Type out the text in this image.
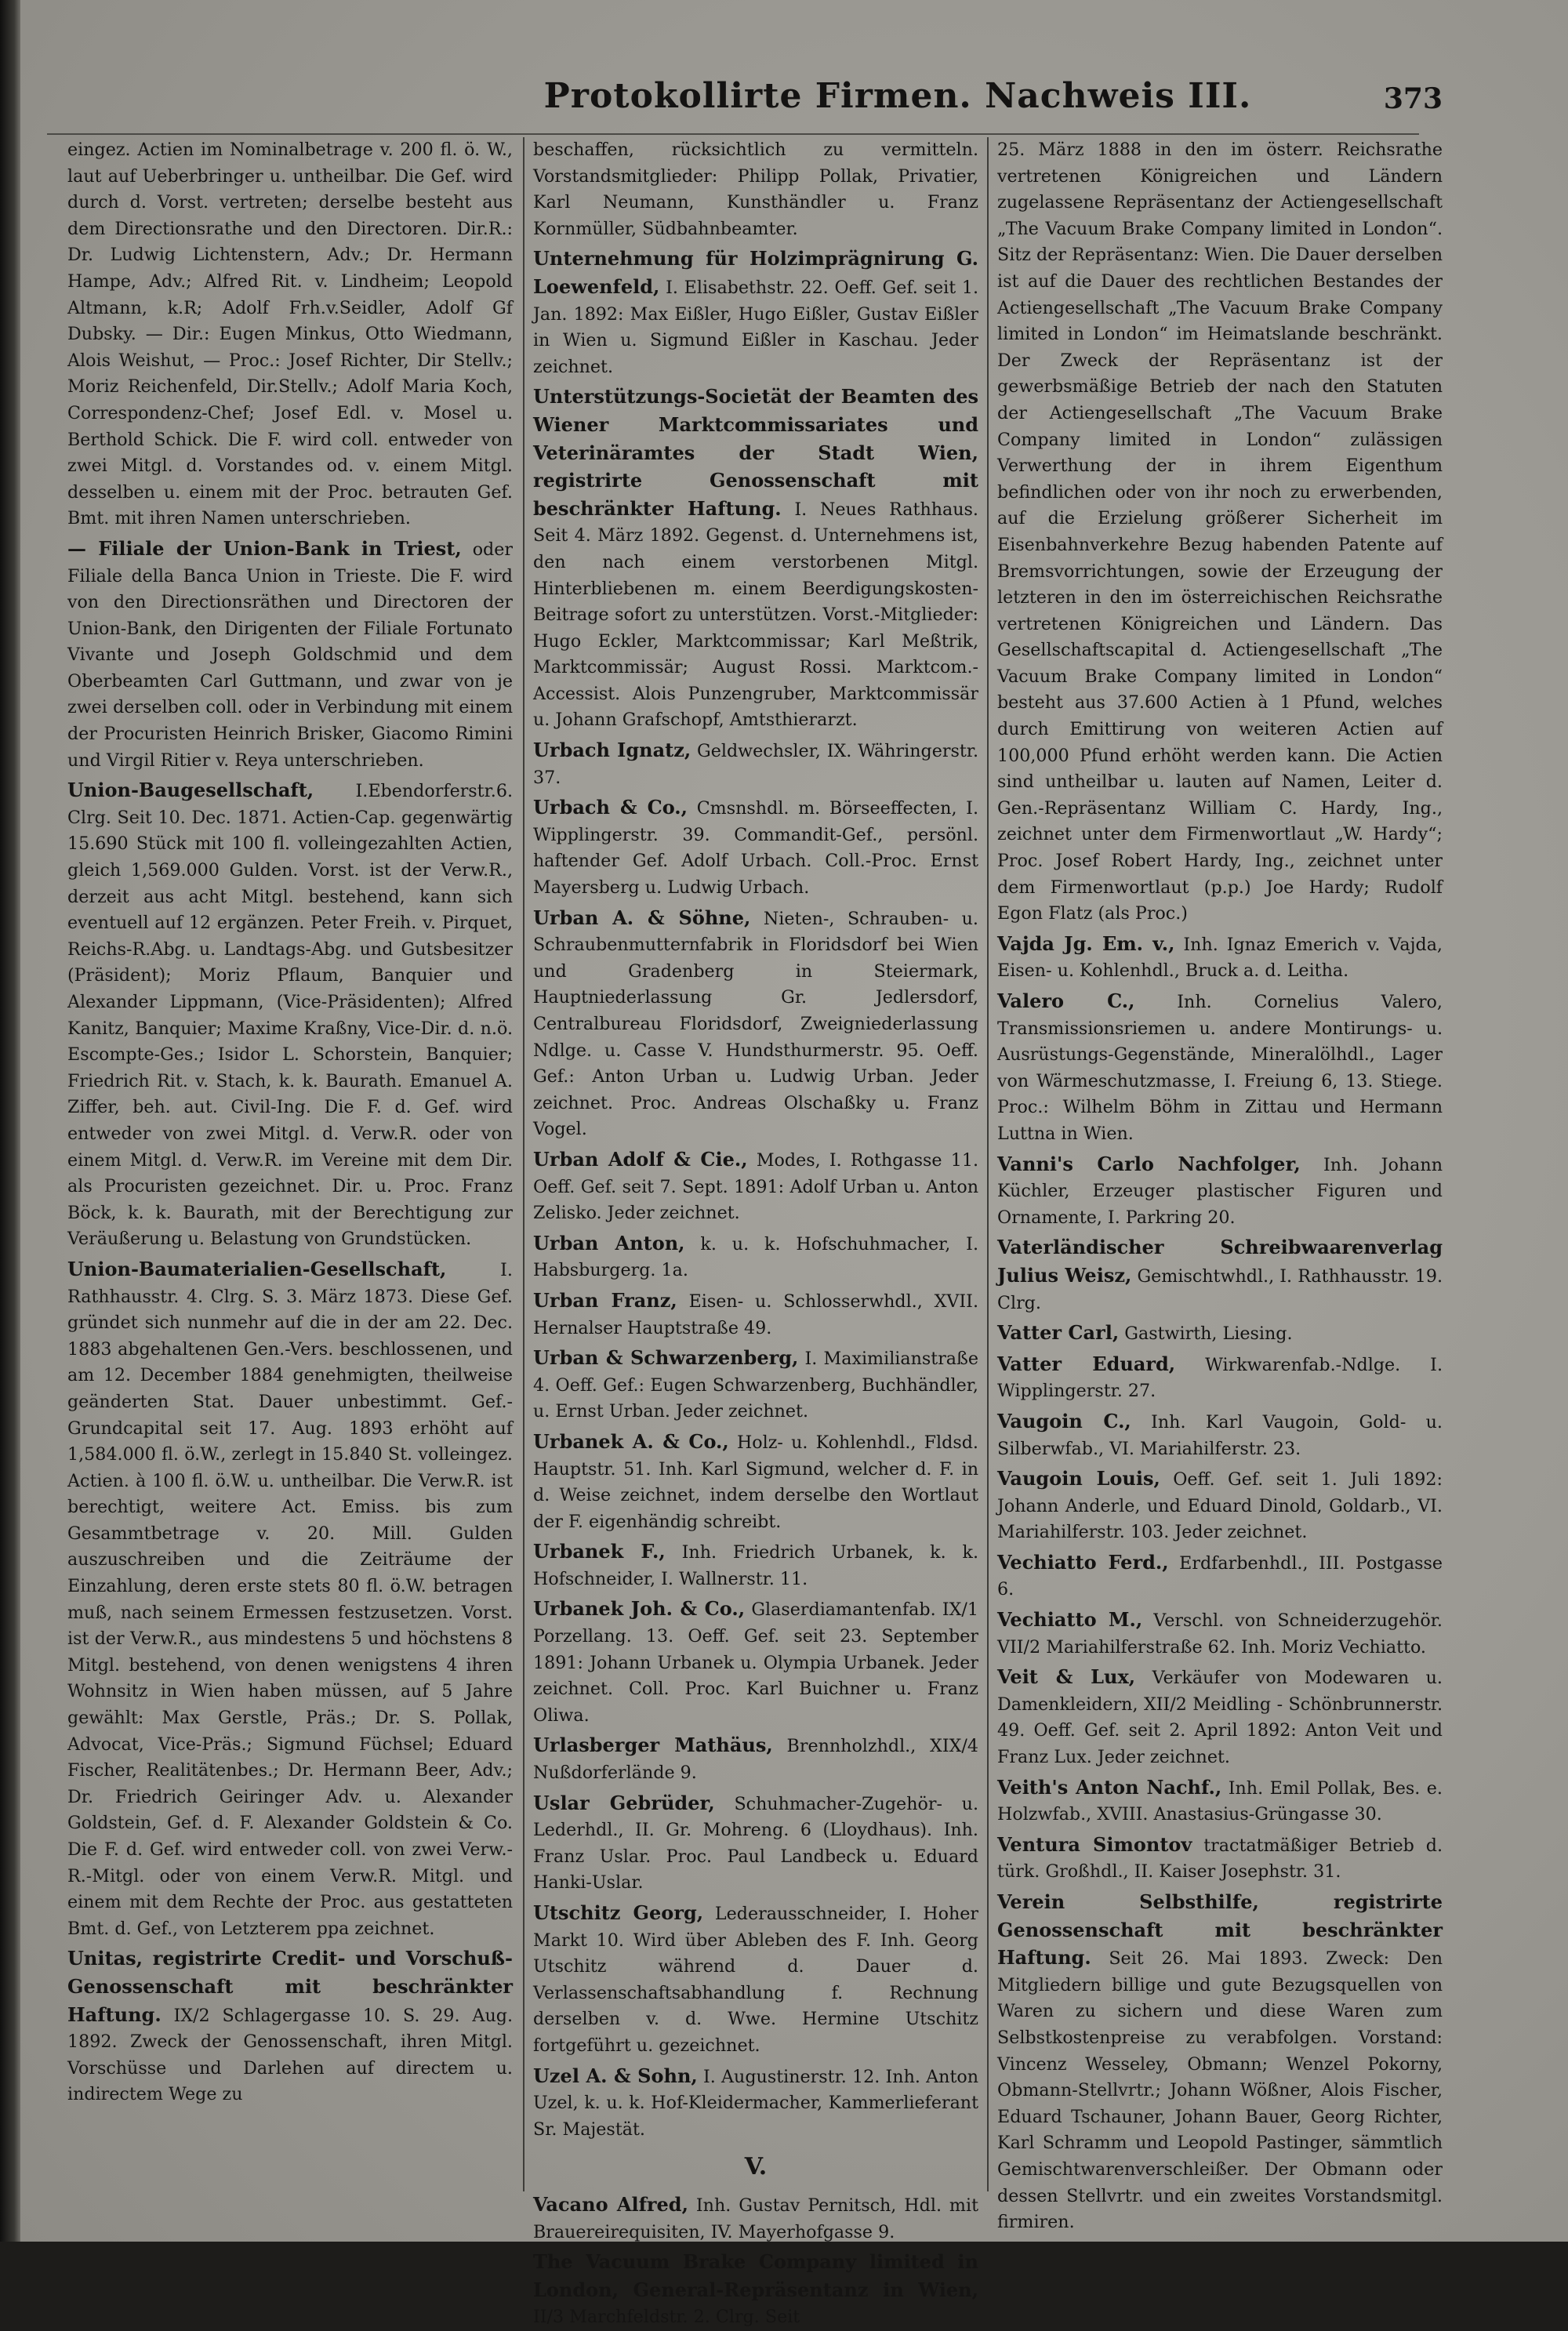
Protokollirte Firmen. Nachweis III.	373

eingez. Actien im Nominalbetrage v. 200 fl. ö. W., laut auf Ueberbringer u. untheilbar. Die Gef. wird durch d. Vorst. vertreten; derselbe besteht aus dem Directionsrathe und den Directoren. Dir.R.: Dr. Ludwig Lichtenstern, Adv.; Dr. Hermann Hampe, Adv.; Alfred Rit. v. Lindheim; Leopold Altmann, k.R; Adolf Frh.v.Seidler, Adolf Gf Dubsky. — Dir.: Eugen Minkus, Otto Wiedmann, Alois Weishut, — Proc.: Josef Richter, Dir Stellv.; Moriz Reichenfeld, Dir.Stellv.; Adolf Maria Koch, Correspondenz-Chef; Josef Edl. v. Mosel u. Berthold Schick. Die F. wird coll. entweder von zwei Mitgl. d. Vorstandes od. v. einem Mitgl. desselben u. einem mit der Proc. betrauten Gef. Bmt. mit ihren Namen unterschrieben.

— Filiale der Union-Bank in Triest, oder Filiale della Banca Union in Trieste. Die F. wird von den Directionsräthen und Directoren der Union-Bank, den Dirigenten der Filiale Fortunato Vivante und Joseph Goldschmid und dem Oberbeamten Carl Guttmann, und zwar von je zwei derselben coll. oder in Verbindung mit einem der Procuristen Heinrich Brisker, Giacomo Rimini und Virgil Ritier v. Reya unterschrieben.

Union-Baugesellschaft, I.Ebendorferstr.6. Clrg. Seit 10. Dec. 1871. Actien-Cap. gegenwärtig 15.690 Stück mit 100 fl. volleingezahlten Actien, gleich 1,569.000 Gulden. Vorst. ist der Verw.R., derzeit aus acht Mitgl. bestehend, kann sich eventuell auf 12 ergänzen. Peter Freih. v. Pirquet, Reichs-R.Abg. u. Landtags-Abg. und Gutsbesitzer (Präsident); Moriz Pflaum, Banquier und Alexander Lippmann, (Vice-Präsidenten); Alfred Kanitz, Banquier; Maxime Kraßny, Vice-Dir. d. n.ö. Escompte-Ges.; Isidor L. Schorstein, Banquier; Friedrich Rit. v. Stach, k. k. Baurath. Emanuel A. Ziffer, beh. aut. Civil-Ing. Die F. d. Gef. wird entweder von zwei Mitgl. d. Verw.R. oder von einem Mitgl. d. Verw.R. im Vereine mit dem Dir. als Procuristen gezeichnet. Dir. u. Proc. Franz Böck, k. k. Baurath, mit der Berechtigung zur Veräußerung u. Belastung von Grundstücken.

Union-Baumaterialien-Gesellschaft,	I. Rathhausstr. 4. Clrg. S. 3. März 1873. Diese Gef. gründet sich nunmehr auf die in der am 22. Dec. 1883 abgehaltenen Gen.-Vers. beschlossenen, und am 12. December 1884 genehmigten, theilweise geänderten Stat. Dauer unbestimmt. Gef.-Grundcapital seit 17. Aug. 1893 erhöht auf 1,584.000 fl. ö.W., zerlegt in 15.840 St. volleingez. Actien. à 100 fl. ö.W. u. untheilbar. Die Verw.R. ist berechtigt, weitere Act. Emiss. bis zum Gesammtbetrage v. 20. Mill. Gulden auszuschreiben und die Zeiträume der Einzahlung, deren erste stets 80 fl. ö.W. betragen muß, nach seinem Ermessen festzusetzen. Vorst. ist der Verw.R., aus mindestens 5 und höchstens 8 Mitgl. bestehend, von denen wenigstens 4 ihren Wohnsitz in Wien haben müssen, auf 5 Jahre gewählt: Max Gerstle, Präs.; Dr. S. Pollak, Advocat, Vice-Präs.; Sigmund Füchsel; Eduard Fischer, Realitätenbes.; Dr. Hermann Beer, Adv.; Dr. Friedrich Geiringer Adv. u. Alexander Goldstein, Gef. d. F. Alexander Goldstein & Co. Die F. d. Gef. wird entweder coll. von zwei Verw.-R.-Mitgl. oder von einem Verw.R. Mitgl. und einem mit dem Rechte der Proc. aus gestatteten Bmt. d. Gef., von Letzterem ppa zeichnet.

Unitas, registrirte Credit- und Vorschuß-Genossenschaft mit beschränkter Haftung. IX/2 Schlagergasse 10. S. 29. Aug. 1892. Zweck der Genossenschaft, ihren Mitgl. Vorschüsse und Darlehen auf directem u. indirectem Wege zu

beschaffen, rücksichtlich zu vermitteln. Vorstandsmitglieder: Philipp Pollak, Privatier, Karl Neumann, Kunsthändler u. Franz Kornmüller, Südbahnbeamter.

Unternehmung für Holzimprägnirung G. Loewenfeld, I. Elisabethstr. 22. Oeff. Gef. seit 1. Jan. 1892: Max Eißler, Hugo Eißler, Gustav Eißler in Wien u. Sigmund Eißler in Kaschau. Jeder zeichnet.

Unterstützungs-Societät der Beamten des Wiener Marktcommissariates und Veterinäramtes der Stadt Wien, registrirte Genossenschaft mit beschränkter Haftung. I. Neues Rathhaus. Seit 4. März 1892. Gegenst. d. Unternehmens ist, den nach einem verstorbenen Mitgl. Hinterbliebenen m. einem Beerdigungskosten-Beitrage sofort zu unterstützen. Vorst.-Mitglieder: Hugo Eckler, Marktcommissar; Karl Meßtrik, Marktcommissär; August Rossi. Marktcom.-Accessist. Alois Punzengruber, Marktcommissär u. Johann Grafschopf, Amtsthierarzt.

Urbach Ignatz, Geldwechsler, IX. Währingerstr. 37.

Urbach & Co., Cmsnshdl. m. Börseeffecten, I. Wipplingerstr. 39. Commandit-Gef., persönl. haftender Gef. Adolf Urbach. Coll.-Proc. Ernst Mayersberg u. Ludwig Urbach.

Urban A. & Söhne, Nieten-, Schrauben- u. Schraubenmutternfabrik in Floridsdorf bei Wien und Gradenberg in Steiermark, Hauptniederlassung Gr. Jedlersdorf, Centralbureau Floridsdorf, Zweigniederlassung Ndlge. u. Casse V. Hundsthurmerstr. 95. Oeff. Gef.: Anton Urban u. Ludwig Urban. Jeder zeichnet. Proc. Andreas Olschaßky u. Franz Vogel.

Urban Adolf & Cie., Modes, I. Rothgasse 11. Oeff. Gef. seit 7. Sept. 1891: Adolf Urban u. Anton Zelisko. Jeder zeichnet.

Urban Anton, k. u. k. Hofschuhmacher, I. Habsburgerg. 1a.

Urban Franz, Eisen- u. Schlosserwhdl., XVII. Hernalser Hauptstraße 49.

Urban & Schwarzenberg, I. Maximilianstraße 4. Oeff. Gef.: Eugen Schwarzenberg, Buchhändler, u. Ernst Urban. Jeder zeichnet.

Urbanek A. & Co., Holz- u. Kohlenhdl., Fldsd. Hauptstr. 51. Inh. Karl Sigmund, welcher d. F. in d. Weise zeichnet, indem derselbe den Wortlaut der F. eigenhändig schreibt.

Urbanek F., Inh. Friedrich Urbanek, k. k. Hofschneider, I. Wallnerstr. 11.

Urbanek Joh. & Co., Glaserdiamantenfab. IX/1 Porzellang. 13. Oeff. Gef. seit 23. September 1891: Johann Urbanek u. Olympia Urbanek. Jeder zeichnet. Coll. Proc. Karl Buichner u. Franz Oliwa.

Urlasberger Mathäus, Brennholzhdl., XIX/4 Nußdorferlände 9.

Uslar Gebrüder, Schuhmacher-Zugehör- u. Lederhdl., II. Gr. Mohreng. 6 (Lloydhaus). Inh. Franz Uslar. Proc. Paul Landbeck u. Eduard Hanki-Uslar.

Utschitz Georg, Lederausschneider, I. Hoher Markt 10. Wird über Ableben des F. Inh. Georg Utschitz während d. Dauer d. Verlassenschaftsabhandlung f. Rechnung derselben v. d. Wwe. Hermine Utschitz fortgeführt u. gezeichnet.

Uzel A. & Sohn, I. Augustinerstr. 12. Inh. Anton Uzel, k. u. k. Hof-Kleidermacher, Kammerlieferant Sr. Majestät.

V.

Vacano Alfred, Inh. Gustav Pernitsch, Hdl. mit Brauereirequisiten, IV. Mayerhofgasse 9.

The Vacuum Brake Company limited in London, General-Repräsentanz in Wien, II/3 Marchfeldstr. 2. Clrg. Seit

25. März 1888 in den im österr. Reichsrathe vertretenen Königreichen und Ländern zugelassene Repräsentanz der Actiengesellschaft „The Vacuum Brake Company limited in London“. Sitz der Repräsentanz: Wien. Die Dauer derselben ist auf die Dauer des rechtlichen Bestandes der Actiengesellschaft „The Vacuum Brake Company limited in London“ im Heimatslande beschränkt. Der Zweck der Repräsentanz ist der gewerbsmäßige Betrieb der nach den Statuten der Actiengesellschaft „The Vacuum Brake Company limited in London“ zulässigen Verwerthung der in ihrem Eigenthum befindlichen oder von ihr noch zu erwerbenden, auf die Erzielung größerer Sicherheit im Eisenbahnverkehre Bezug habenden Patente auf Bremsvorrichtungen, sowie der Erzeugung der letzteren in den im österreichischen Reichsrathe vertretenen Königreichen und Ländern. Das Gesellschaftscapital d. Actiengesellschaft „The Vacuum Brake Company limited in London“ besteht aus 37.600 Actien à 1 Pfund, welches durch Emittirung von weiteren Actien auf 100,000 Pfund erhöht werden kann. Die Actien sind untheilbar u. lauten auf Namen, Leiter d. Gen.-Repräsentanz William C. Hardy, Ing., zeichnet unter dem Firmenwortlaut „W. Hardy“; Proc. Josef Robert Hardy, Ing., zeichnet unter dem Firmenwortlaut (p.p.) Joe Hardy; Rudolf Egon Flatz (als Proc.)

Vajda Jg. Em. v., Inh. Ignaz Emerich v. Vajda, Eisen- u. Kohlenhdl., Bruck a. d. Leitha.

Valero C., Inh. Cornelius Valero, Transmissionsriemen u. andere Montirungs- u. Ausrüstungs-Gegenstände, Mineralölhdl., Lager von Wärmeschutzmasse, I. Freiung 6, 13. Stiege. Proc.: Wilhelm Böhm in Zittau und Hermann Luttna in Wien.

Vanni's Carlo Nachfolger, Inh. Johann Küchler, Erzeuger plastischer Figuren und Ornamente, I. Parkring 20.

Vaterländischer Schreibwaarenverlag Julius Weisz, Gemischtwhdl., I. Rathhausstr. 19. Clrg.

Vatter Carl, Gastwirth, Liesing.

Vatter Eduard, Wirkwarenfab.-Ndlge. I. Wipplingerstr. 27.

Vaugoin C., Inh. Karl Vaugoin, Gold- u. Silberwfab., VI. Mariahilferstr. 23.

Vaugoin Louis, Oeff. Gef. seit 1. Juli 1892: Johann Anderle, und Eduard Dinold, Goldarb., VI. Mariahilferstr. 103. Jeder zeichnet.

Vechiatto Ferd., Erdfarbenhdl., III. Postgasse 6.

Vechiatto M., Verschl. von Schneiderzugehör. VII/2 Mariahilferstraße 62. Inh. Moriz Vechiatto.

Veit & Lux, Verkäufer von Modewaren u. Damenkleidern, XII/2 Meidling - Schönbrunnerstr. 49. Oeff. Gef. seit 2. April 1892: Anton Veit und Franz Lux. Jeder zeichnet.

Veith's Anton Nachf., Inh. Emil Pollak, Bes. e. Holzwfab., XVIII. Anastasius-Grüngasse 30.

Ventura Simontov tractatmäßiger Betrieb d. türk. Großhdl., II. Kaiser Josephstr. 31.

Verein Selbsthilfe, registrirte Genossenschaft mit beschränkter Haftung. Seit 26. Mai 1893. Zweck: Den Mitgliedern billige und gute Bezugsquellen von Waren zu sichern und diese Waren zum Selbstkostenpreise zu verabfolgen. Vorstand: Vincenz Wesseley, Obmann; Wenzel Pokorny, Obmann-Stellvrtr.; Johann Wößner, Alois Fischer, Eduard Tschauner, Johann Bauer, Georg Richter, Karl Schramm und Leopold Pastinger, sämmtlich Gemischtwarenverschleißer. Der Obmann oder dessen Stellvrtr. und ein zweites Vorstandsmitgl. firmiren.
